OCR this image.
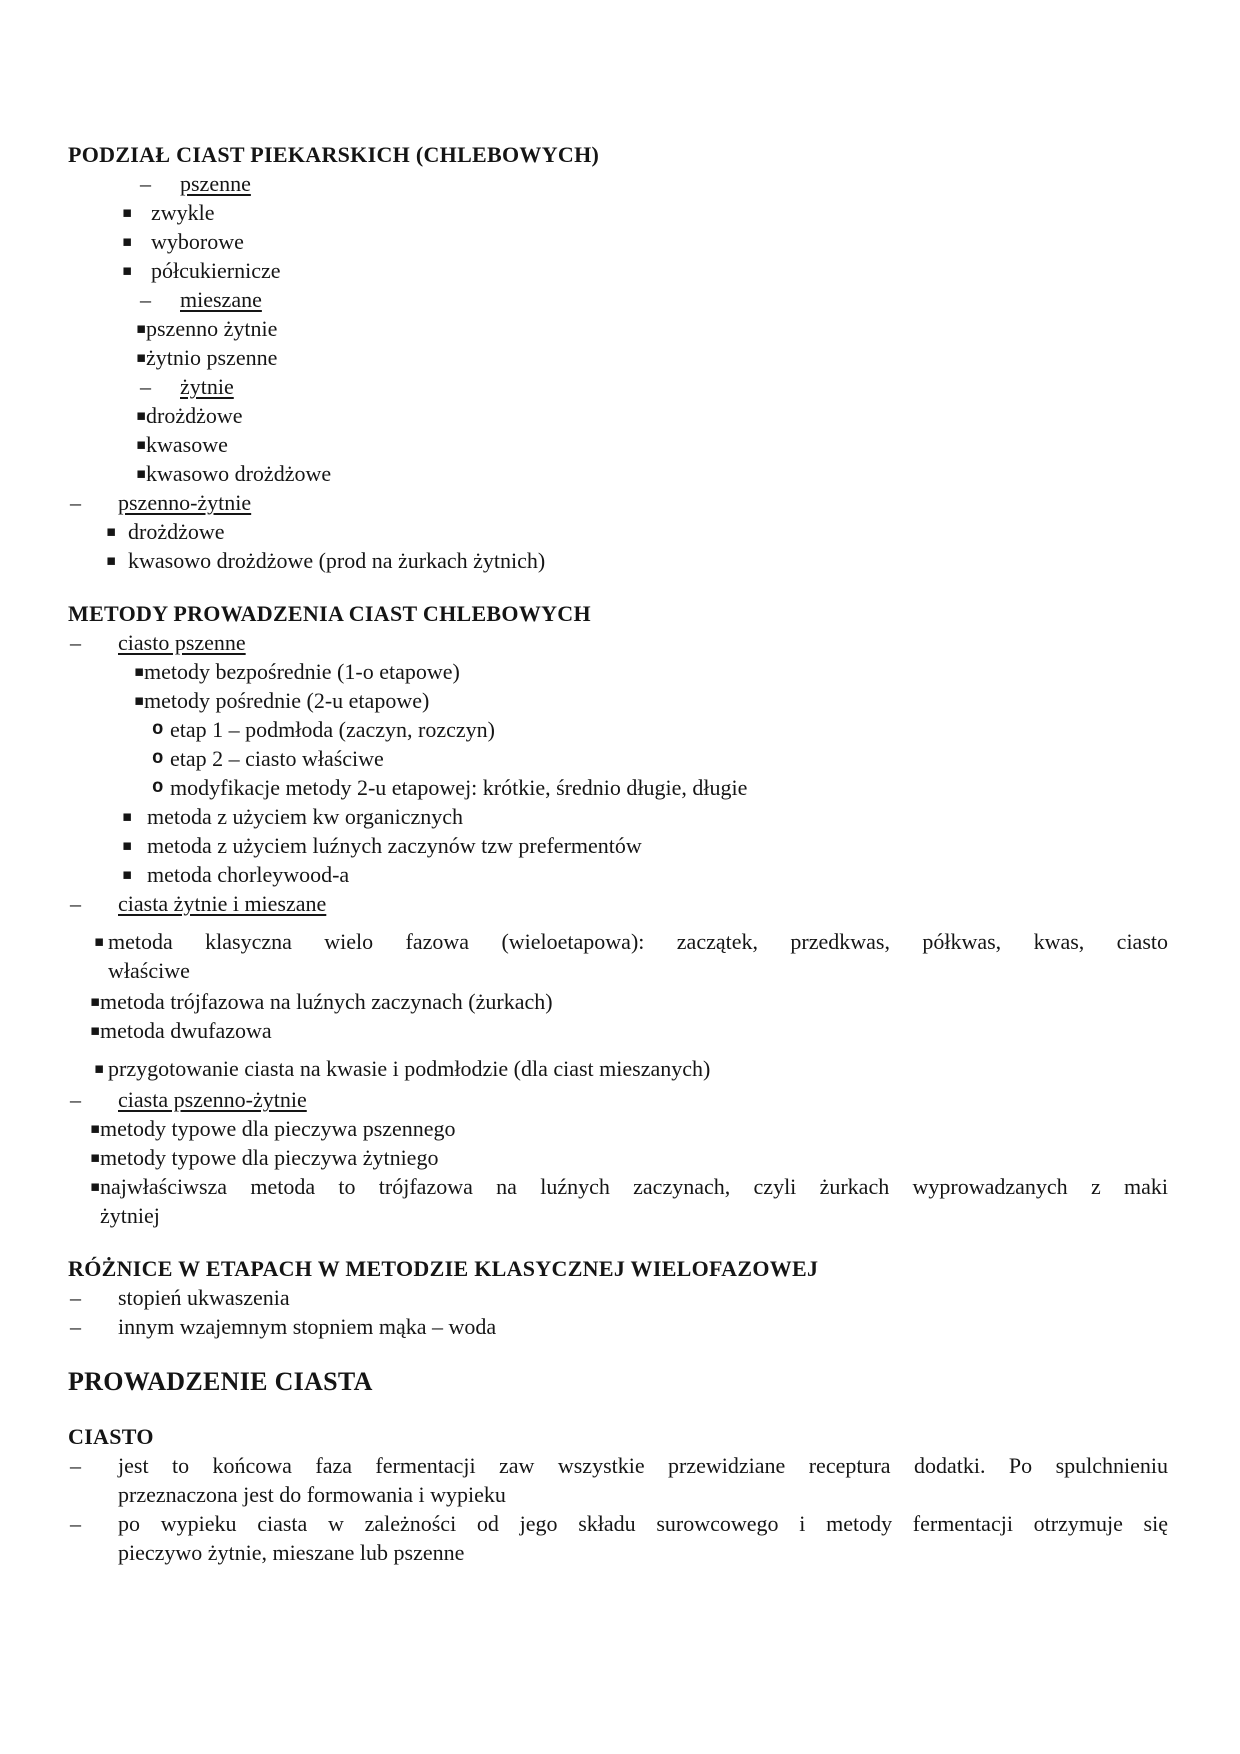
PODZIAŁ CIAST PIEKARSKICH (CHLEBOWYCH)
– pszenne
▪ zwykle
▪ wyborowe
▪ półcukiernicze
– mieszane
▪ pszenno żytnie
▪ żytnio pszenne
– żytnie
▪ drożdżowe
▪ kwasowe
▪ kwasowo drożdżowe
– pszenno-żytnie
▪ drożdżowe
▪ kwasowo drożdżowe (prod na żurkach żytnich)
METODY PROWADZENIA CIAST CHLEBOWYCH
– ciasto pszenne
▪ metody bezpośrednie (1-o etapowe)
▪ metody pośrednie (2-u etapowe)
o etap 1 – podmłoda (zaczyn, rozczyn)
o etap 2 – ciasto właściwe
o modyfikacje metody 2-u etapowej: krótkie, średnio długie, długie
▪ metoda z użyciem kw organicznych
▪ metoda z użyciem luźnych zaczynów tzw prefermentów
▪ metoda chorleywood-a
– ciasta żytnie i mieszane
▪ metoda klasyczna wielo fazowa (wieloetapowa): zaczątek, przedkwas, półkwas, kwas, ciasto
właściwe
▪ metoda trójfazowa na luźnych zaczynach (żurkach)
▪ metoda dwufazowa
▪ przygotowanie ciasta na kwasie i podmłodzie (dla ciast mieszanych)
– ciasta pszenno-żytnie
▪ metody typowe dla pieczywa pszennego
▪ metody typowe dla pieczywa żytniego
▪ najwłaściwsza metoda to trójfazowa na luźnych zaczynach, czyli żurkach wyprowadzanych z maki
żytniej
RÓŻNICE W ETAPACH W METODZIE KLASYCZNEJ WIELOFAZOWEJ
– stopień ukwaszenia
– innym wzajemnym stopniem mąka – woda
PROWADZENIE CIASTA
CIASTO
– jest to końcowa faza fermentacji zaw wszystkie przewidziane receptura dodatki. Po spulchnieniu
przeznaczona jest do formowania i wypieku
– po wypieku ciasta w zależności od jego składu surowcowego i metody fermentacji otrzymuje się
pieczywo żytnie, mieszane lub pszenne
